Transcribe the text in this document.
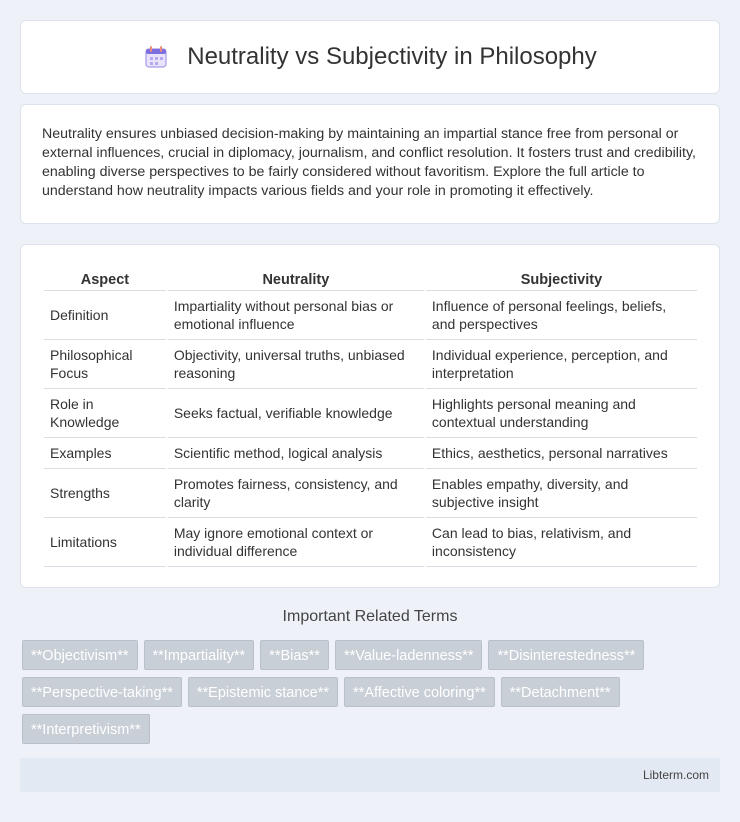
Neutrality vs Subjectivity in Philosophy

Neutrality ensures unbiased decision-making by maintaining an impartial stance free from personal or external influences, crucial in diplomacy, journalism, and conflict resolution. It fosters trust and credibility, enabling diverse perspectives to be fairly considered without favoritism. Explore the full article to understand how neutrality impacts various fields and your role in promoting it effectively.

Aspect	Neutrality	Subjectivity
Definition	Impartiality without personal bias or emotional influence	Influence of personal feelings, beliefs, and perspectives
Philosophical Focus	Objectivity, universal truths, unbiased reasoning	Individual experience, perception, and interpretation
Role in Knowledge	Seeks factual, verifiable knowledge	Highlights personal meaning and contextual understanding
Examples	Scientific method, logical analysis	Ethics, aesthetics, personal narratives
Strengths	Promotes fairness, consistency, and clarity	Enables empathy, diversity, and subjective insight
Limitations	May ignore emotional context or individual difference	Can lead to bias, relativism, and inconsistency
Important Related Terms
**Objectivism**	**Impartiality**	**Bias**	**Value-ladenness**	**Disinterestedness**
**Perspective-taking**	**Epistemic stance**	**Affective coloring**	**Detachment**
**Interpretivism**
Libterm.com
